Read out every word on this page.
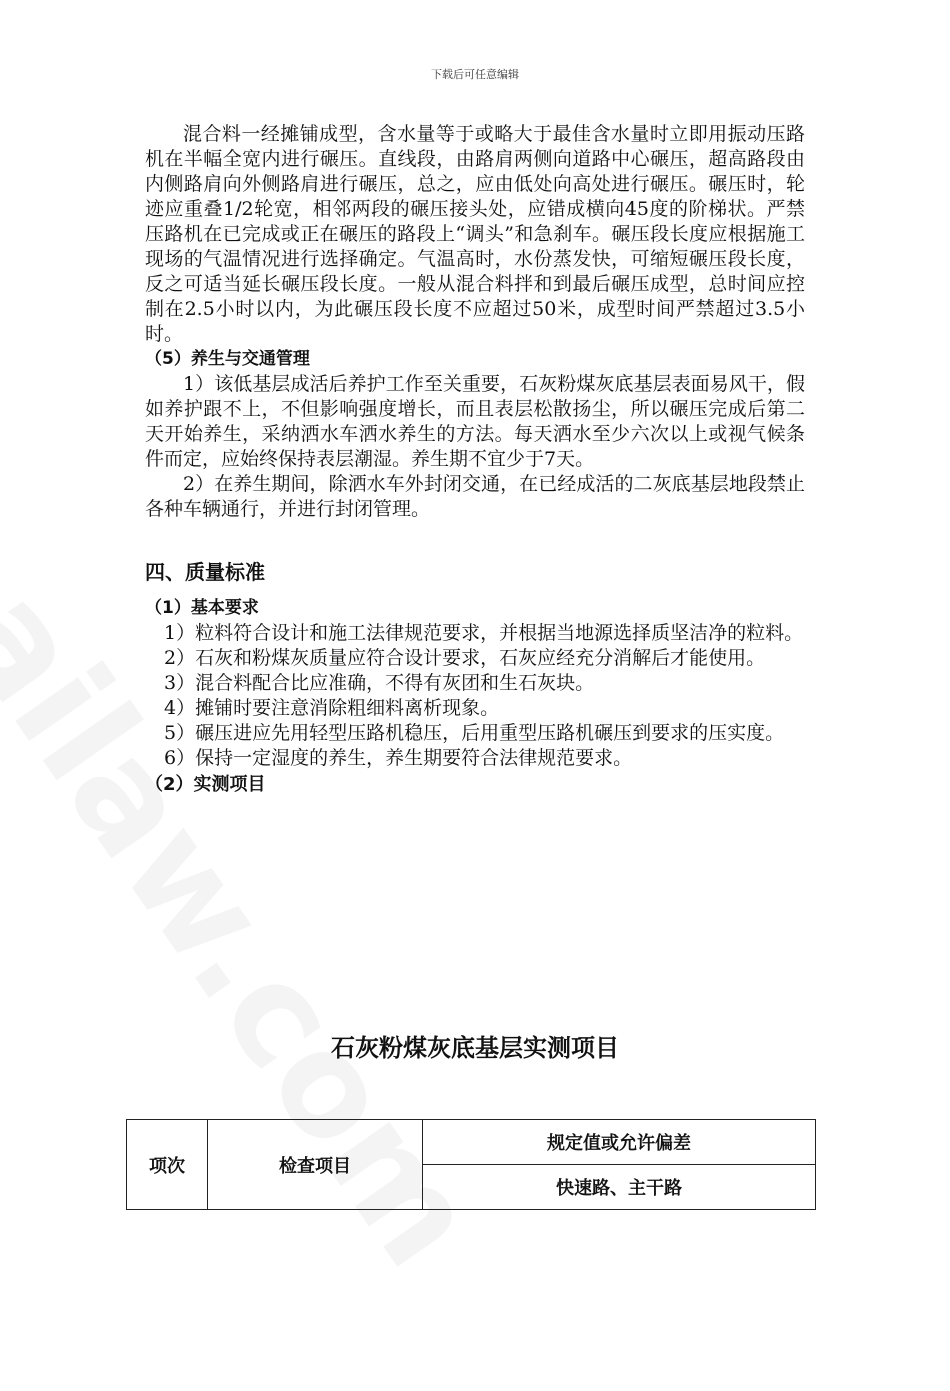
下载后可任意编辑

混合料一经摊铺成型，含水量等于或略大于最佳含水量时立即用振动压路机在半幅全宽内进行碾压。直线段，由路肩两侧向道路中心碾压，超高路段由内侧路肩向外侧路肩进行碾压，总之，应由低处向高处进行碾压。碾压时，轮迹应重叠1/2轮宽，相邻两段的碾压接头处，应错成横向45度的阶梯状。严禁压路机在已完成或正在碾压的路段上“调头”和急刹车。碾压段长度应根据施工现场的气温情况进行选择确定。气温高时，水份蒸发快，可缩短碾压段长度，反之可适当延长碾压段长度。一般从混合料拌和到最后碾压成型，总时间应控制在2.5小时以内，为此碾压段长度不应超过50米，成型时间严禁超过3.5小时。

（5）养生与交通管理

1）该低基层成活后养护工作至关重要，石灰粉煤灰底基层表面易风干，假如养护跟不上，不但影响强度增长，而且表层松散扬尘，所以碾压完成后第二天开始养生，采纳洒水车洒水养生的方法。每天洒水至少六次以上或视气候条件而定，应始终保持表层潮湿。养生期不宜少于7天。

2）在养生期间，除洒水车外封闭交通，在已经成活的二灰底基层地段禁止各种车辆通行，并进行封闭管理。

四、质量标准

（1）基本要求

1）粒料符合设计和施工法律规范要求，并根据当地源选择质坚洁净的粒料。

2）石灰和粉煤灰质量应符合设计要求，石灰应经充分消解后才能使用。

3）混合料配合比应准确，不得有灰团和生石灰块。

4）摊铺时要注意消除粗细料离析现象。

5）碾压进应先用轻型压路机稳压，后用重型压路机碾压到要求的压实度。

6）保持一定湿度的养生，养生期要符合法律规范要求。

（2）实测项目

石灰粉煤灰底基层实测项目
项次	检查项目	规定值或允许偏差
快速路、主干路
